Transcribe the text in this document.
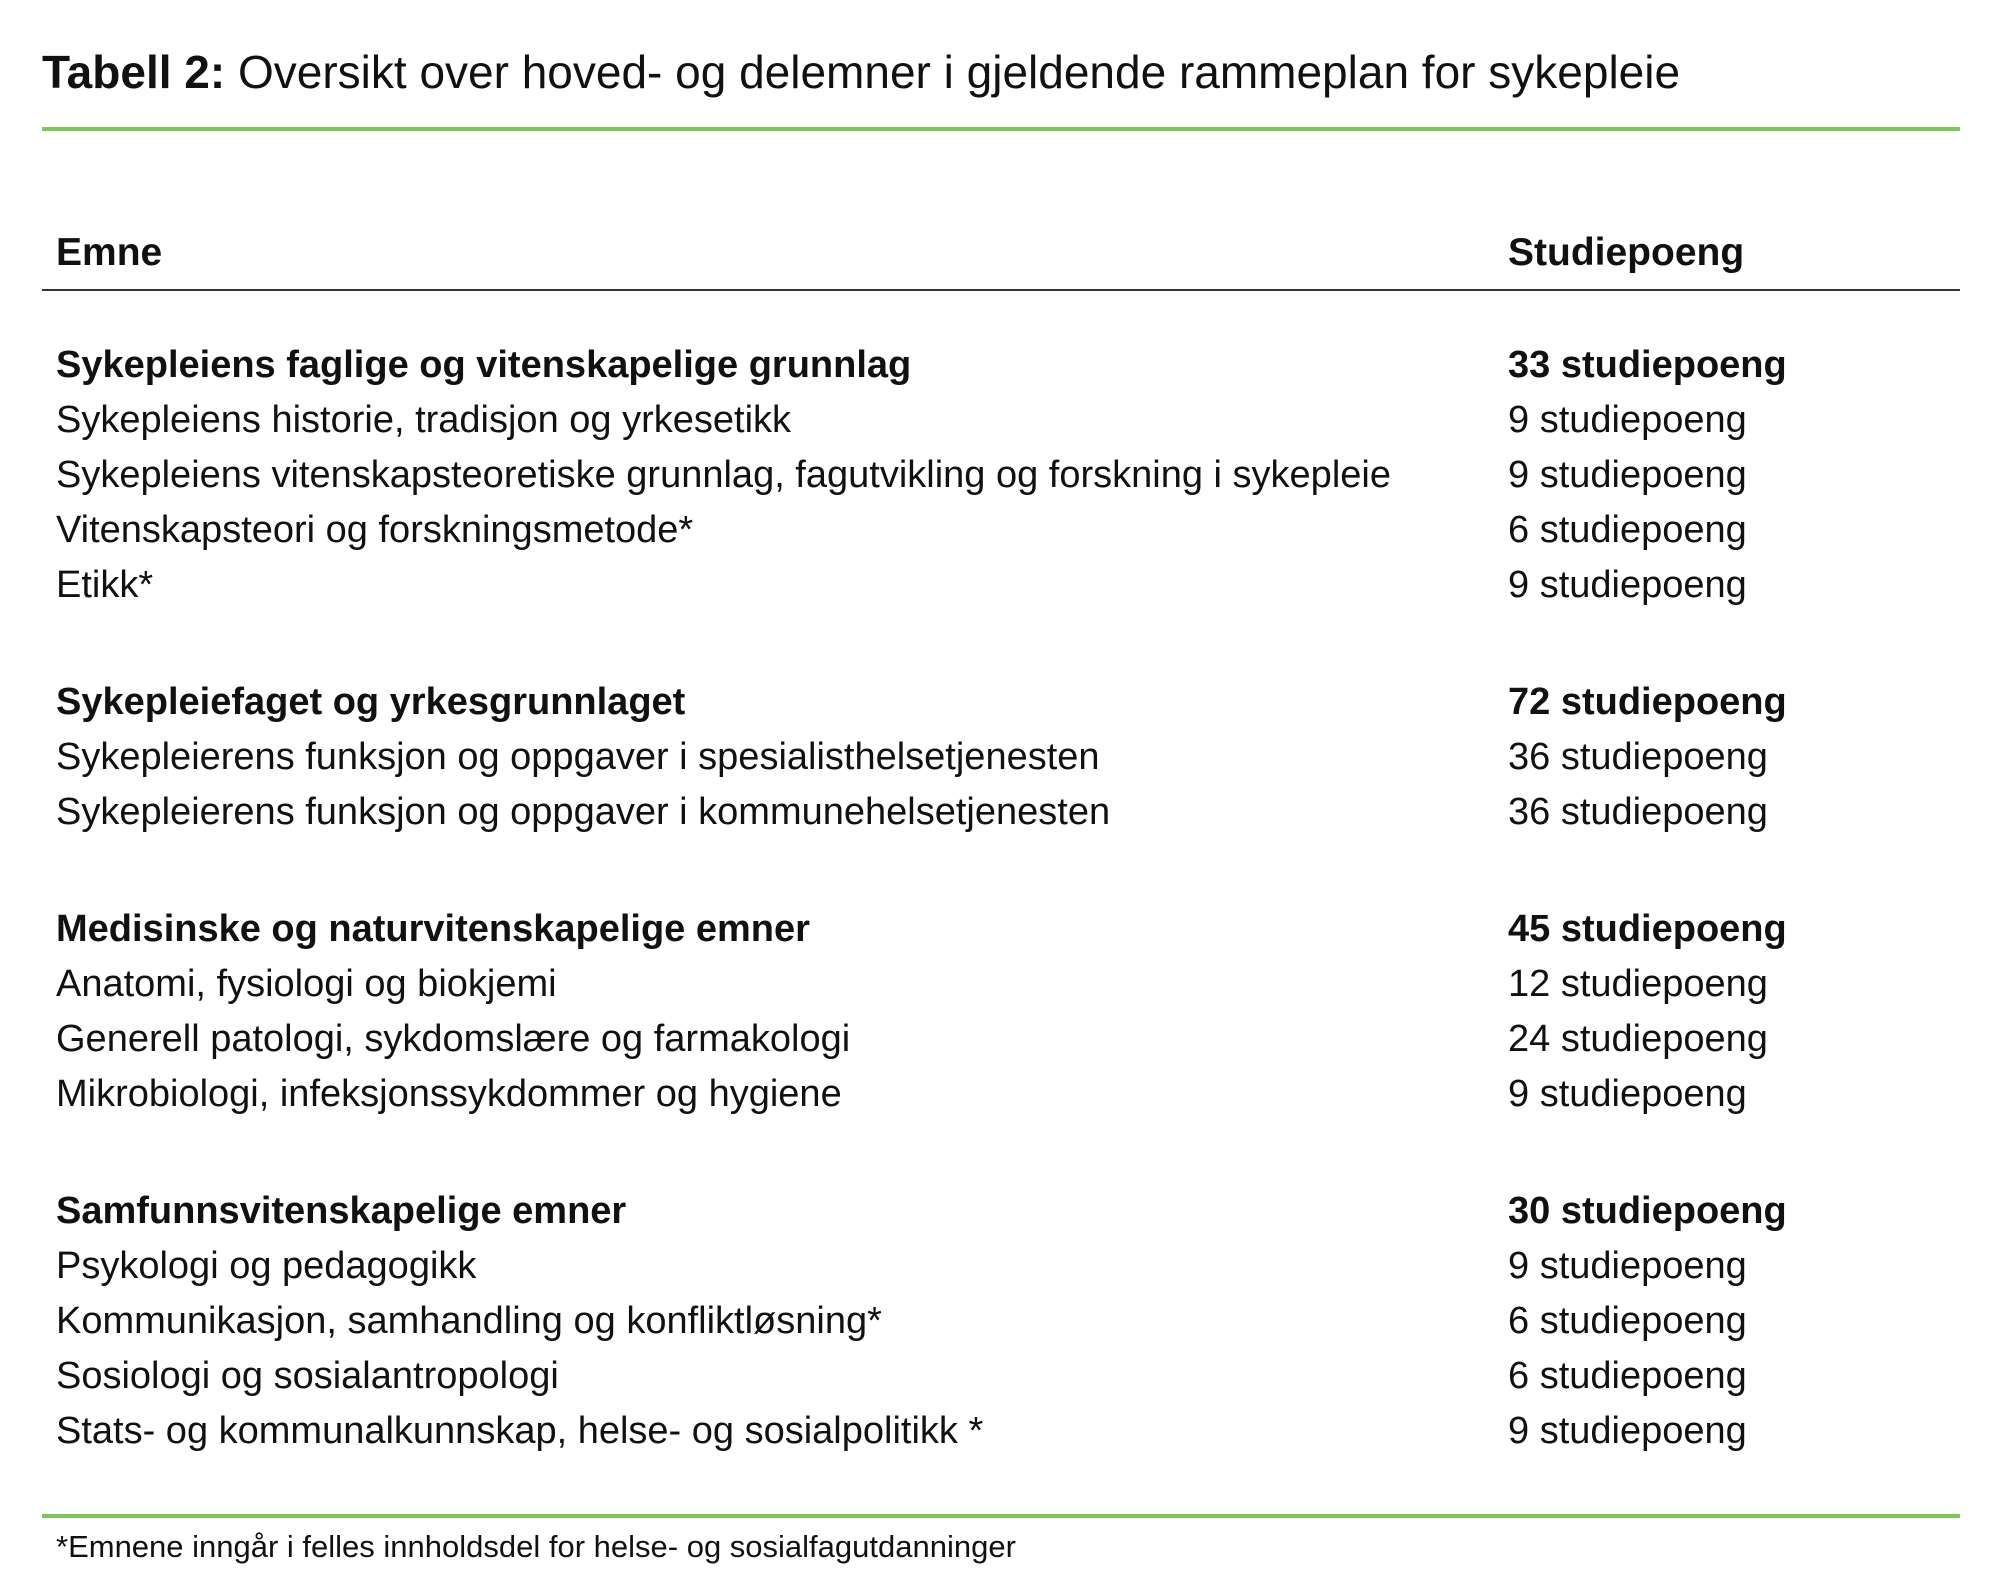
Tabell 2: Oversikt over hoved- og delemner i gjeldende rammeplan for sykepleie
Emne	Studiepoeng
Sykepleiens faglige og vitenskapelige grunnlag	33 studiepoeng
Sykepleiens historie, tradisjon og yrkesetikk	9 studiepoeng
Sykepleiens vitenskapsteoretiske grunnlag, fagutvikling og forskning i sykepleie	9 studiepoeng
Vitenskapsteori og forskningsmetode*	6 studiepoeng
Etikk*	9 studiepoeng
Sykepleiefaget og yrkesgrunnlaget	72 studiepoeng
Sykepleierens funksjon og oppgaver i spesialisthelsetjenesten	36 studiepoeng
Sykepleierens funksjon og oppgaver i kommunehelsetjenesten	36 studiepoeng
Medisinske og naturvitenskapelige emner	45 studiepoeng
Anatomi, fysiologi og biokjemi	12 studiepoeng
Generell patologi, sykdomslære og farmakologi	24 studiepoeng
Mikrobiologi, infeksjonssykdommer og hygiene	9 studiepoeng
Samfunnsvitenskapelige emner	30 studiepoeng
Psykologi og pedagogikk	9 studiepoeng
Kommunikasjon, samhandling og konfliktløsning*	6 studiepoeng
Sosiologi og sosialantropologi	6 studiepoeng
Stats- og kommunalkunnskap, helse- og sosialpolitikk *	9 studiepoeng
*Emnene inngår i felles innholdsdel for helse- og sosialfagutdanninger
